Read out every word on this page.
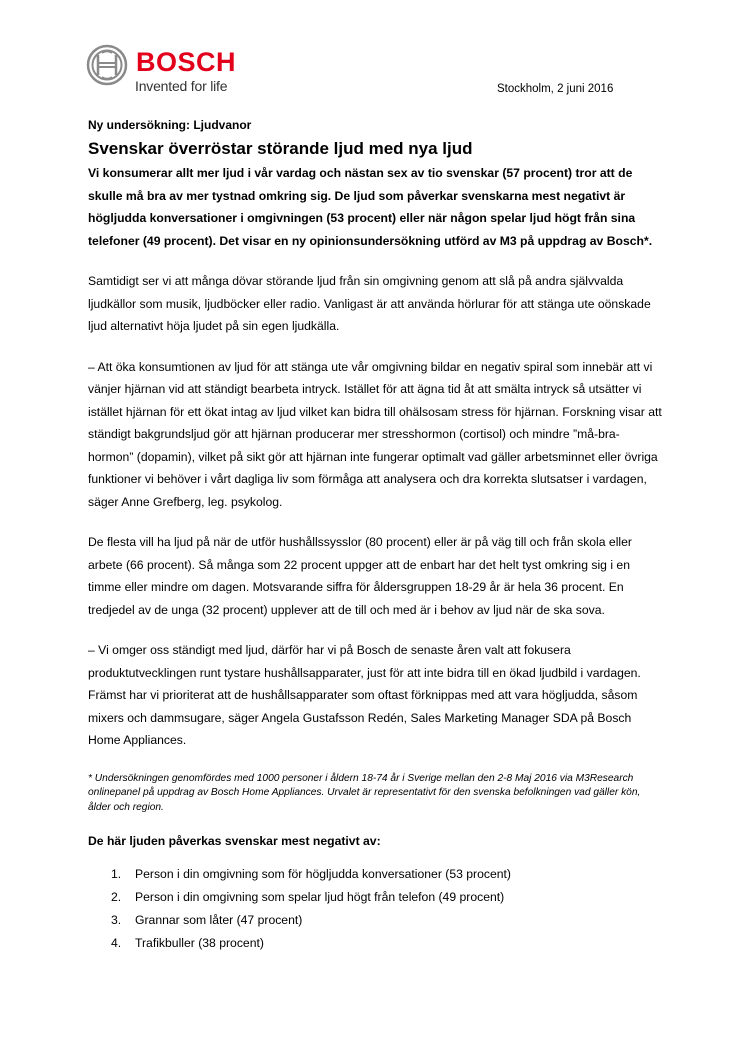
BOSCH
Invented for life	Stockholm, 2 juni 2016

Ny undersökning: Ljudvanor

Svenskar överröstar störande ljud med nya ljud

Vi konsumerar allt mer ljud i vår vardag och nästan sex av tio svenskar (57 procent) tror att de skulle må bra av mer tystnad omkring sig. De ljud som påverkar svenskarna mest negativt är högljudda konversationer i omgivningen (53 procent) eller när någon spelar ljud högt från sina telefoner (49 procent). Det visar en ny opinionsundersökning utförd av M3 på uppdrag av Bosch*.

Samtidigt ser vi att många dövar störande ljud från sin omgivning genom att slå på andra självvalda ljudkällor som musik, ljudböcker eller radio. Vanligast är att använda hörlurar för att stänga ute oönskade ljud alternativt höja ljudet på sin egen ljudkälla.

– Att öka konsumtionen av ljud för att stänga ute vår omgivning bildar en negativ spiral som innebär att vi vänjer hjärnan vid att ständigt bearbeta intryck. Istället för att ägna tid åt att smälta intryck så utsätter vi istället hjärnan för ett ökat intag av ljud vilket kan bidra till ohälsosam stress för hjärnan. Forskning visar att ständigt bakgrundsljud gör att hjärnan producerar mer stresshormon (cortisol) och mindre ”må-bra-hormon” (dopamin), vilket på sikt gör att hjärnan inte fungerar optimalt vad gäller arbetsminnet eller övriga funktioner vi behöver i vårt dagliga liv som förmåga att analysera och dra korrekta slutsatser i vardagen, säger Anne Grefberg, leg. psykolog.

De flesta vill ha ljud på när de utför hushållssysslor (80 procent) eller är på väg till och från skola eller arbete (66 procent). Så många som 22 procent uppger att de enbart har det helt tyst omkring sig i en timme eller mindre om dagen. Motsvarande siffra för åldersgruppen 18-29 år är hela 36 procent. En tredjedel av de unga (32 procent) upplever att de till och med är i behov av ljud när de ska sova.

– Vi omger oss ständigt med ljud, därför har vi på Bosch de senaste åren valt att fokusera produktutvecklingen runt tystare hushållsapparater, just för att inte bidra till en ökad ljudbild i vardagen. Främst har vi prioriterat att de hushållsapparater som oftast förknippas med att vara högljudda, såsom mixers och dammsugare, säger Angela Gustafsson Redén, Sales Marketing Manager SDA på Bosch Home Appliances.

* Undersökningen genomfördes med 1000 personer i åldern 18-74 år i Sverige mellan den 2-8 Maj 2016 via M3Research onlinepanel på uppdrag av Bosch Home Appliances. Urvalet är representativt för den svenska befolkningen vad gäller kön, ålder och region.

De här ljuden påverkas svenskar mest negativt av:

1. Person i din omgivning som för högljudda konversationer (53 procent)
2. Person i din omgivning som spelar ljud högt från telefon (49 procent)
3. Grannar som låter (47 procent)
4. Trafikbuller (38 procent)
